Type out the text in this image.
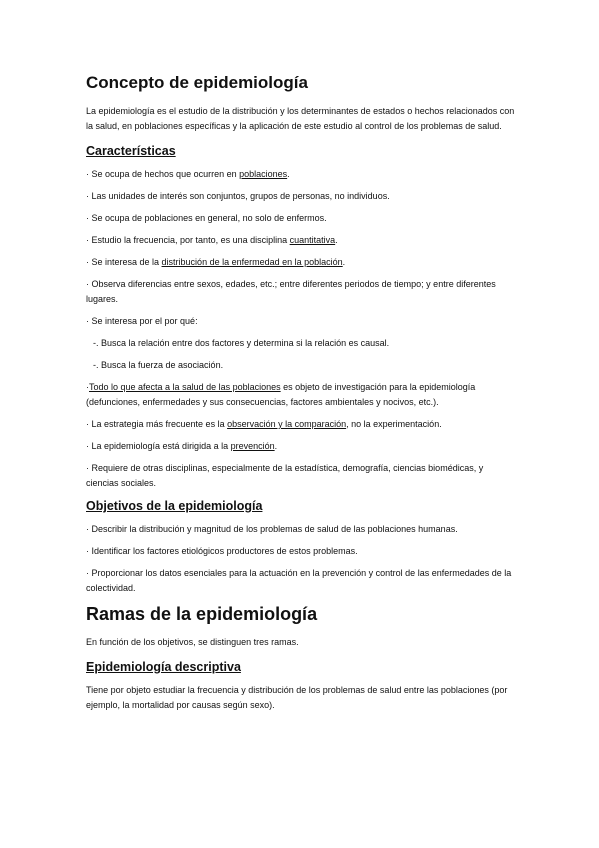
Concepto de epidemiología

La epidemiología es el estudio de la distribución y los determinantes de estados o hechos relacionados con la salud, en poblaciones específicas y la aplicación de este estudio al control de los problemas de salud.

Características

· Se ocupa de hechos que ocurren en poblaciones.

· Las unidades de interés son conjuntos, grupos de personas, no individuos.

· Se ocupa de poblaciones en general, no solo de enfermos.

· Estudio la frecuencia, por tanto, es una disciplina cuantitativa.

· Se interesa de la distribución de la enfermedad en la población.

· Observa diferencias entre sexos, edades, etc.; entre diferentes periodos de tiempo; y entre diferentes lugares.

· Se interesa por el por qué:

-. Busca la relación entre dos factores y determina si la relación es causal.

-. Busca la fuerza de asociación.

·Todo lo que afecta a la salud de las poblaciones es objeto de investigación para la epidemiología (defunciones, enfermedades y sus consecuencias, factores ambientales y nocivos, etc.).

· La estrategia más frecuente es la observación y la comparación, no la experimentación.

· La epidemiología está dirigida a la prevención.

· Requiere de otras disciplinas, especialmente de la estadística, demografía, ciencias biomédicas, y ciencias sociales.

Objetivos de la epidemiología

· Describir la distribución y magnitud de los problemas de salud de las poblaciones humanas.

· Identificar los factores etiológicos productores de estos problemas.

· Proporcionar los datos esenciales para la actuación en la prevención y control de las enfermedades de la colectividad.

Ramas de la epidemiología

En función de los objetivos, se distinguen tres ramas.

Epidemiología descriptiva

Tiene por objeto estudiar la frecuencia y distribución de los problemas de salud entre las poblaciones (por ejemplo, la mortalidad por causas según sexo).
